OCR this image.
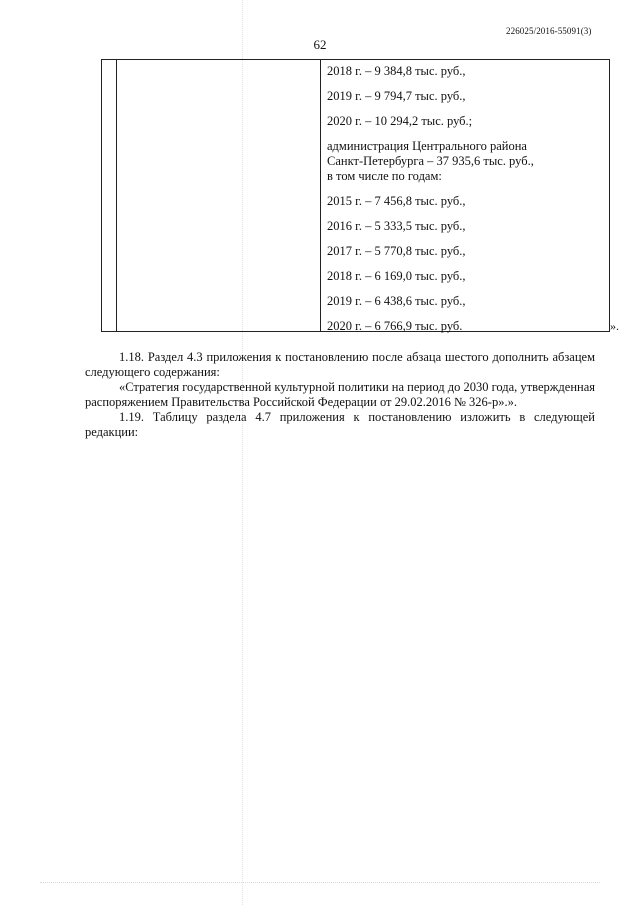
226025/2016-55091(3)
62
2018 г. – 9 384,8 тыс. руб.,
2019 г. – 9 794,7 тыс. руб.,
2020 г. – 10 294,2 тыс. руб.;
администрация Центрального района
Санкт-Петербурга – 37 935,6 тыс. руб.,
в том числе по годам:
2015 г. – 7 456,8 тыс. руб.,
2016 г. – 5 333,5 тыс. руб.,
2017 г. – 5 770,8 тыс. руб.,
2018 г. – 6 169,0 тыс. руб.,
2019 г. – 6 438,6 тыс. руб.,
2020 г. – 6 766,9 тыс. руб.	».

1.18. Раздел 4.3 приложения к постановлению после абзаца шестого дополнить абзацем следующего содержания:

«Стратегия государственной культурной политики на период до 2030 года, утвержденная распоряжением Правительства Российской Федерации от 29.02.2016 № 326-р».».

1.19. Таблицу раздела 4.7 приложения к постановлению изложить в следующей редакции:
